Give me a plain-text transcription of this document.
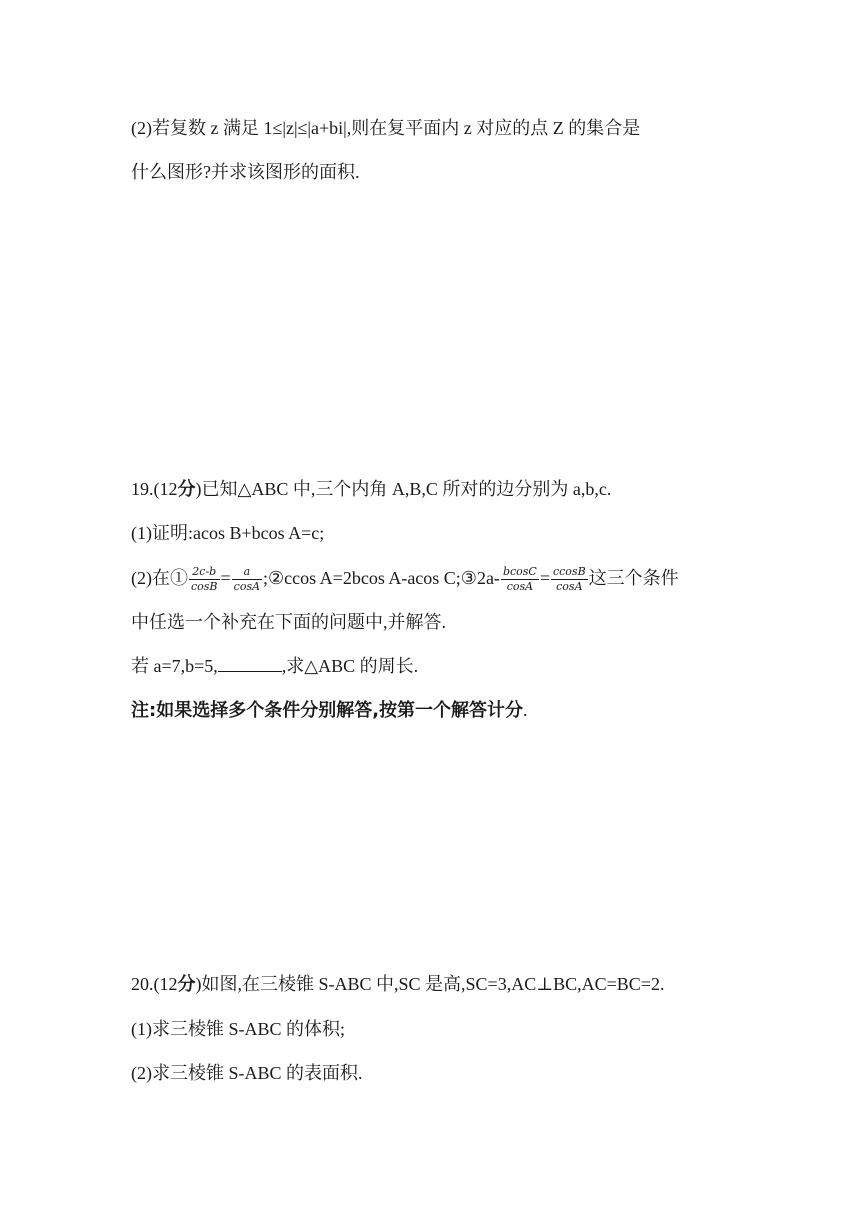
(2)若复数 z 满足 1≤|z|≤|a+bi|,则在复平面内 z 对应的点 Z 的集合是
什么图形?并求该图形的面积.
19.(12分)已知△ABC 中,三个内角 A,B,C 所对的边分别为 a,b,c.
(1)证明:acos B+bcos A=c;
(2)在① $\frac{2c-b}{\cos B} = \frac{a}{\cos A}$ ;②ccos A=2bcos A-acos C;③2a- $\frac{bcosC}{\cos A} = \frac{ccosB}{\cos A}$ 这三个条件
中任选一个补充在下面的问题中,并解答.
若 a=7,b=5,	,求△ABC 的周长.
注:如果选择多个条件分别解答,按第一个解答计分.
20.(12分)如图,在三棱锥 S-ABC 中,SC 是高,SC=3,AC⊥BC,AC=BC=2.
(1)求三棱锥 S-ABC 的体积;
(2)求三棱锥 S-ABC 的表面积.
